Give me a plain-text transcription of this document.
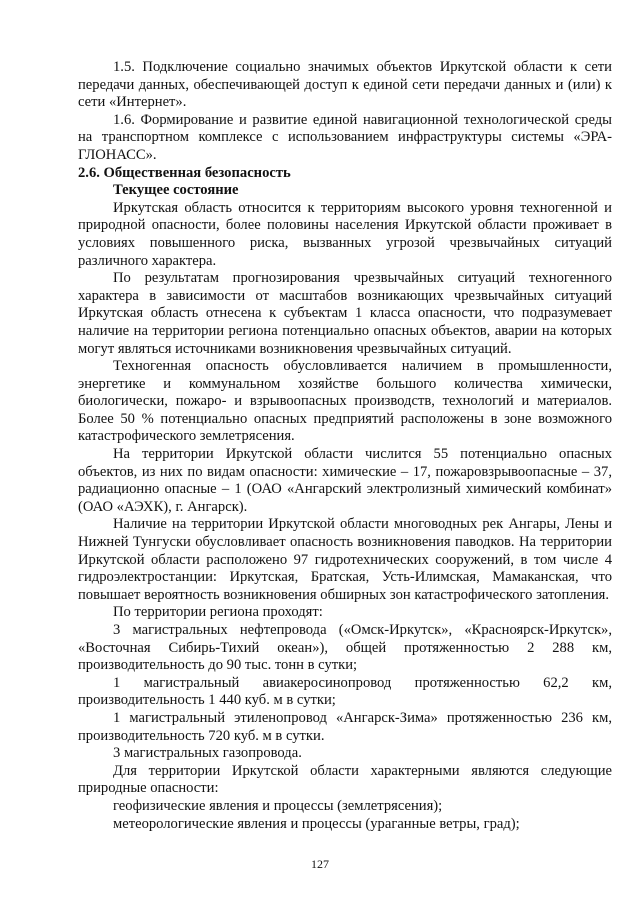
1.5. Подключение социально значимых объектов Иркутской области к сети передачи данных, обеспечивающей доступ к единой сети передачи данных и (или) к сети «Интернет».

1.6. Формирование и развитие единой навигационной технологической среды на транспортном комплексе с использованием инфраструктуры системы «ЭРА-ГЛОНАСС».

2.6. Общественная безопасность

Текущее состояние

Иркутская область относится к территориям высокого уровня техногенной и природной опасности, более половины населения Иркутской области проживает в условиях повышенного риска, вызванных угрозой чрезвычайных ситуаций различного характера.

По результатам прогнозирования чрезвычайных ситуаций техногенного характера в зависимости от масштабов возникающих чрезвычайных ситуаций Иркутская область отнесена к субъектам 1 класса опасности, что подразумевает наличие на территории региона потенциально опасных объектов, аварии на которых могут являться источниками возникновения чрезвычайных ситуаций.

Техногенная опасность обусловливается наличием в промышленности, энергетике и коммунальном хозяйстве большого количества химически, биологически, пожаро- и взрывоопасных производств, технологий и материалов. Более 50 % потенциально опасных предприятий расположены в зоне возможного катастрофического землетрясения.

На территории Иркутской области числится 55 потенциально опасных объектов, из них по видам опасности: химические – 17, пожаровзрывоопасные – 37, радиационно опасные – 1 (ОАО «Ангарский электролизный химический комбинат» (ОАО «АЭХК), г. Ангарск).

Наличие на территории Иркутской области многоводных рек Ангары, Лены и Нижней Тунгуски обусловливает опасность возникновения паводков. На территории Иркутской области расположено 97 гидротехнических сооружений, в том числе 4 гидроэлектростанции: Иркутская, Братская, Усть-Илимская, Мамаканская, что повышает вероятность возникновения обширных зон катастрофического затопления.

По территории региона проходят:

3 магистральных нефтепровода («Омск-Иркутск», «Красноярск-Иркутск», «Восточная Сибирь-Тихий океан»), общей протяженностью 2 288 км, производительность до 90 тыс. тонн в сутки;

1 магистральный авиакеросинопровод протяженностью 62,2 км, производительность 1 440 куб. м в сутки;

1 магистральный этиленопровод «Ангарск-Зима» протяженностью 236 км, производительность 720 куб. м в сутки.

3 магистральных газопровода.

Для территории Иркутской области характерными являются следующие природные опасности:

геофизические явления и процессы (землетрясения);

метеорологические явления и процессы (ураганные ветры, град);

127
